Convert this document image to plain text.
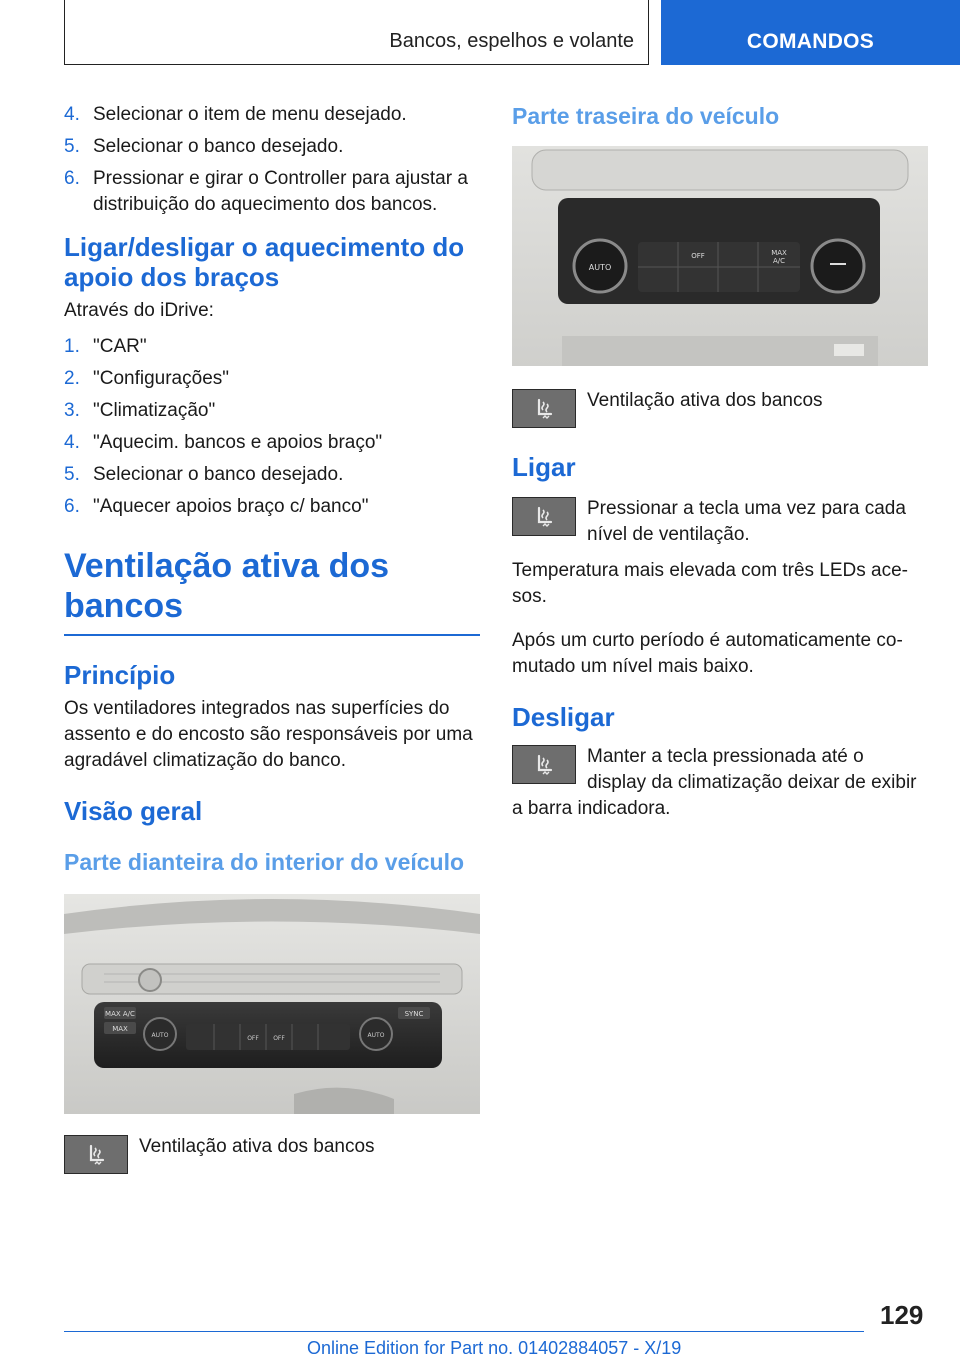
Bancos, espelhos e volante	COMANDOS
4. Selecionar o item de menu desejado.
5. Selecionar o banco desejado.
6. Pressionar e girar o Controller para ajustar a distribuição do aquecimento dos bancos.
Ligar/desligar o aquecimento do apoio dos braços

Através do iDrive:

1. "CAR"
2. "Configurações"
3. "Climatização"
4. "Aquecim. bancos e apoios braço"
5. Selecionar o banco desejado.
6. "Aquecer apoios braço c/ banco"
Ventilação ativa dos bancos
Princípio

Os ventiladores integrados nas superfícies do assento e do encosto são responsáveis por uma agradável climatização do banco.

Visão geral
Parte dianteira do interior do veículo
MAX A/C
MAX
SYNC
AUTO	AUTO
OFF OFF

Ventilação ativa dos bancos

Parte traseira do veículo
AUTO
OFF	MAX
A/C

Ventilação ativa dos bancos

Ligar

Pressionar a tecla uma vez para cada nível de ventilação.

Temperatura mais elevada com três LEDs acesos.

Após um curto período é automaticamente comutado um nível mais baixo.

Desligar

Manter a tecla pressionada até o display da climatização deixar de exibir a barra indicadora.

129
Online Edition for Part no. 01402884057 - X/19
